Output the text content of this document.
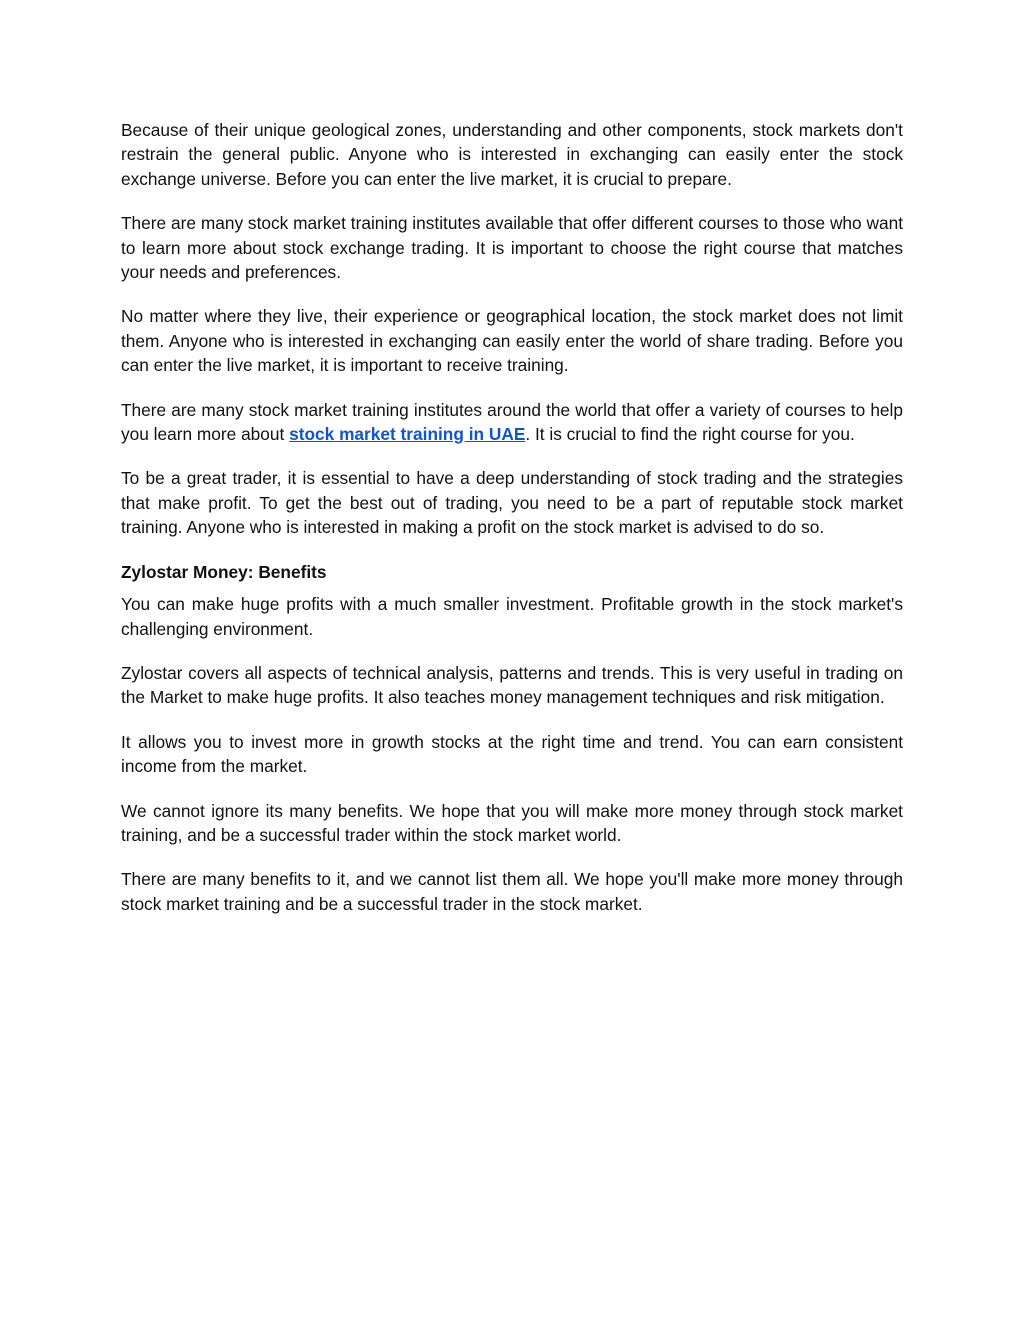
Because of their unique geological zones, understanding and other components, stock markets don't restrain the general public. Anyone who is interested in exchanging can easily enter the stock exchange universe. Before you can enter the live market, it is crucial to prepare.

There are many stock market training institutes available that offer different courses to those who want to learn more about stock exchange trading. It is important to choose the right course that matches your needs and preferences.

No matter where they live, their experience or geographical location, the stock market does not limit them. Anyone who is interested in exchanging can easily enter the world of share trading. Before you can enter the live market, it is important to receive training.

There are many stock market training institutes around the world that offer a variety of courses to help you learn more about stock market training in UAE. It is crucial to find the right course for you.

To be a great trader, it is essential to have a deep understanding of stock trading and the strategies that make profit. To get the best out of trading, you need to be a part of reputable stock market training. Anyone who is interested in making a profit on the stock market is advised to do so.

Zylostar Money: Benefits

You can make huge profits with a much smaller investment. Profitable growth in the stock market's challenging environment.

Zylostar covers all aspects of technical analysis, patterns and trends. This is very useful in trading on the Market to make huge profits. It also teaches money management techniques and risk mitigation.

It allows you to invest more in growth stocks at the right time and trend. You can earn consistent income from the market.

We cannot ignore its many benefits. We hope that you will make more money through stock market training, and be a successful trader within the stock market world.

There are many benefits to it, and we cannot list them all. We hope you'll make more money through stock market training and be a successful trader in the stock market.
